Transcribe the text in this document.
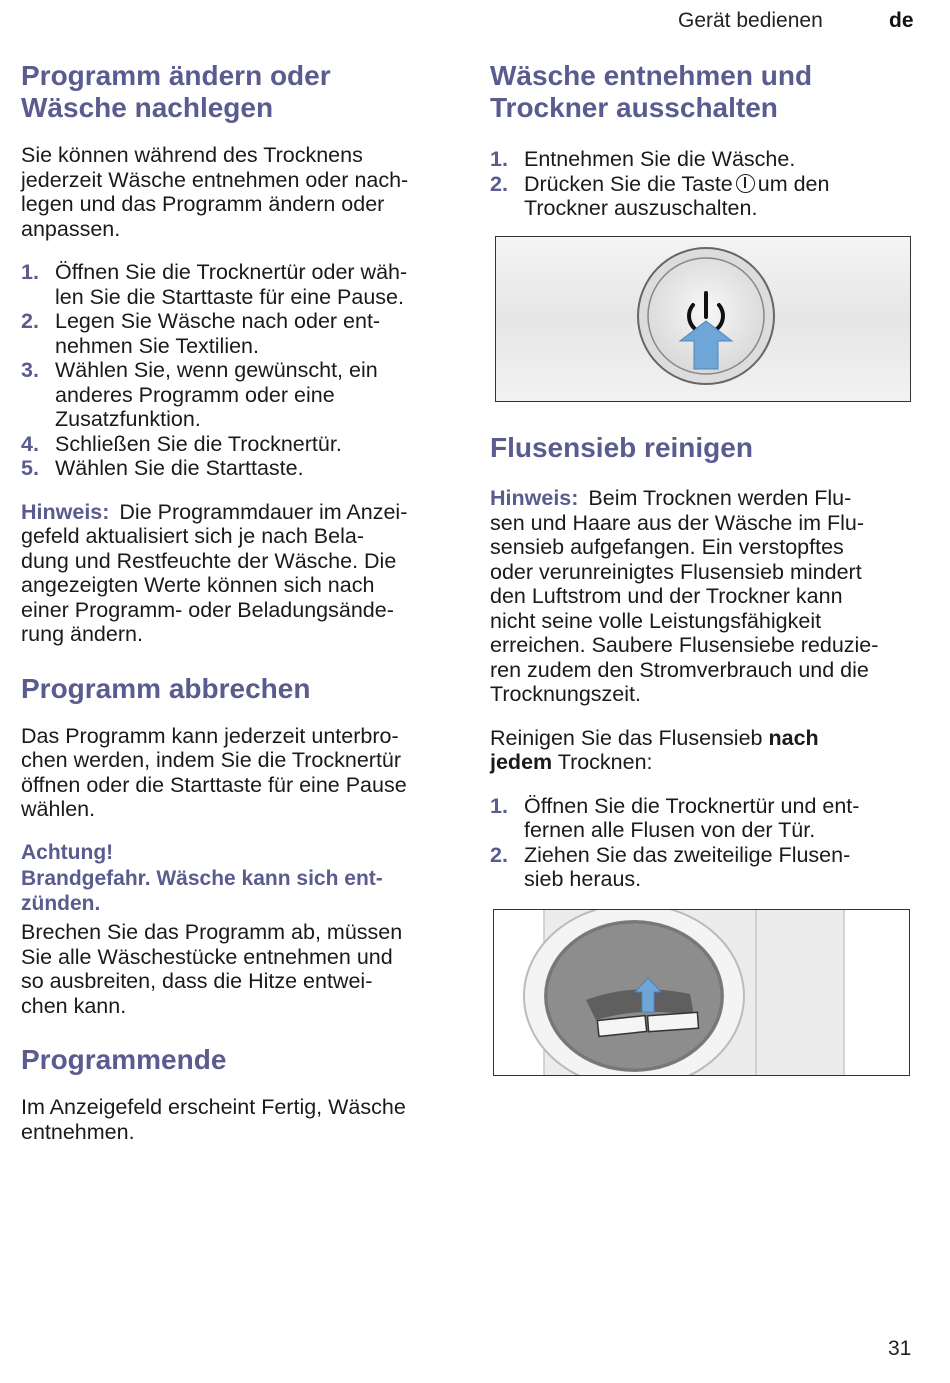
Gerät bedienen	de
Programm ändern oder
Wäsche nachlegen

Sie können während des Trocknens
jederzeit Wäsche entnehmen oder nach-
legen und das Programm ändern oder
anpassen.

1. Öffnen Sie die Trocknertür oder wäh-
len Sie die Starttaste für eine Pause.
2. Legen Sie Wäsche nach oder ent-
nehmen Sie Textilien.
3. Wählen Sie, wenn gewünscht, ein
anderes Programm oder eine
Zusatzfunktion.
4. Schließen Sie die Trocknertür.
5. Wählen Sie die Starttaste.

Hinweis: Die Programmdauer im Anzei-
gefeld aktualisiert sich je nach Bela-
dung und Restfeuchte der Wäsche. Die
angezeigten Werte können sich nach
einer Programm- oder Beladungsände-
rung ändern.

Programm abbrechen

Das Programm kann jederzeit unterbro-
chen werden, indem Sie die Trocknertür
öffnen oder die Starttaste für eine Pause
wählen.

Achtung!
Brandgefahr. Wäsche kann sich ent-
zünden.

Brechen Sie das Programm ab, müssen
Sie alle Wäschestücke entnehmen und
so ausbreiten, dass die Hitze entwei-
chen kann.

Programmende

Im Anzeigefeld erscheint Fertig, Wäsche
entnehmen.

Wäsche entnehmen und
Trockner ausschalten
1. Entnehmen Sie die Wäsche.
2. Drücken Sie die Taste um den
Trockner auszuschalten.
Flusensieb reinigen

Hinweis: Beim Trocknen werden Flu-
sen und Haare aus der Wäsche im Flu-
sensieb aufgefangen. Ein verstopftes
oder verunreinigtes Flusensieb mindert
den Luftstrom und der Trockner kann
nicht seine volle Leistungsfähigkeit
erreichen. Saubere Flusensiebe reduzie-
ren zudem den Stromverbrauch und die
Trocknungszeit.

Reinigen Sie das Flusensieb nach
jedem Trocknen:

1. Öffnen Sie die Trocknertür und ent-
fernen alle Flusen von der Tür.
2. Ziehen Sie das zweiteilige Flusen-
sieb heraus.
31
